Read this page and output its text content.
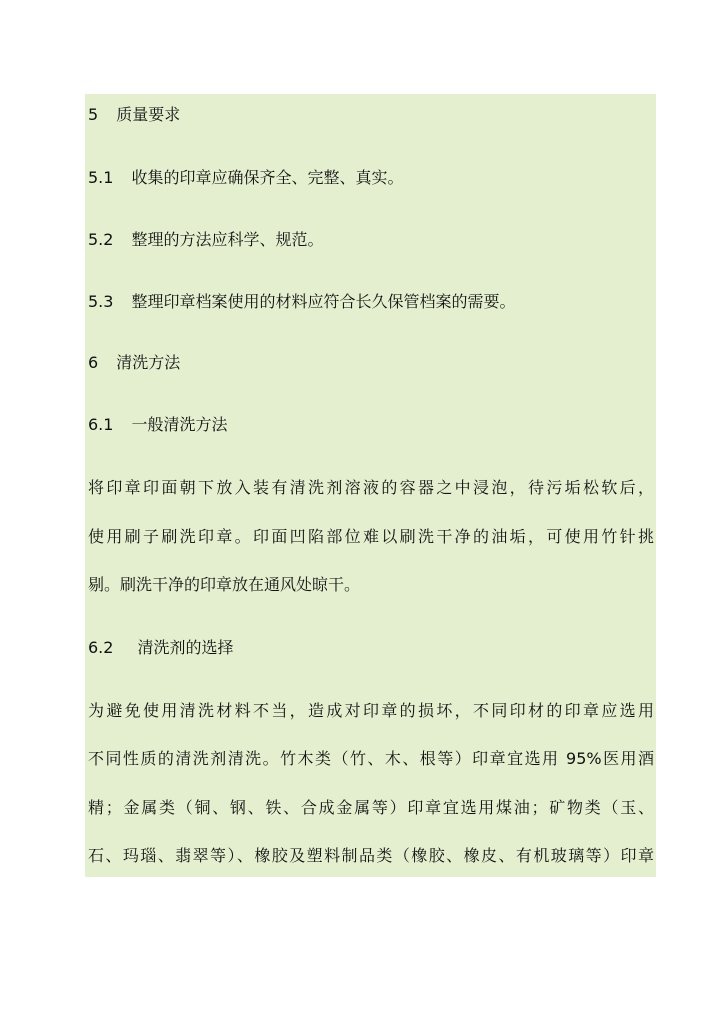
5 质量要求
5.1 收集的印章应确保齐全、完整、真实。
5.2 整理的方法应科学、规范。
5.3 整理印章档案使用的材料应符合长久保管档案的需要。
6 清洗方法
6.1 一般清洗方法
将印章印面朝下放入装有清洗剂溶液的容器之中浸泡，待污垢松软后，
使用刷子刷洗印章。印面凹陷部位难以刷洗干净的油垢，可使用竹针挑
剔。刷洗干净的印章放在通风处晾干。
6.2 清洗剂的选择
为避免使用清洗材料不当，造成对印章的损坏，不同印材的印章应选用
不同性质的清洗剂清洗。竹木类（竹、木、根等）印章宜选用 95%医用酒
精；金属类（铜、钢、铁、合成金属等）印章宜选用煤油；矿物类（玉、
石、玛瑙、翡翠等）、橡胶及塑料制品类（橡胶、橡皮、有机玻璃等）印章
